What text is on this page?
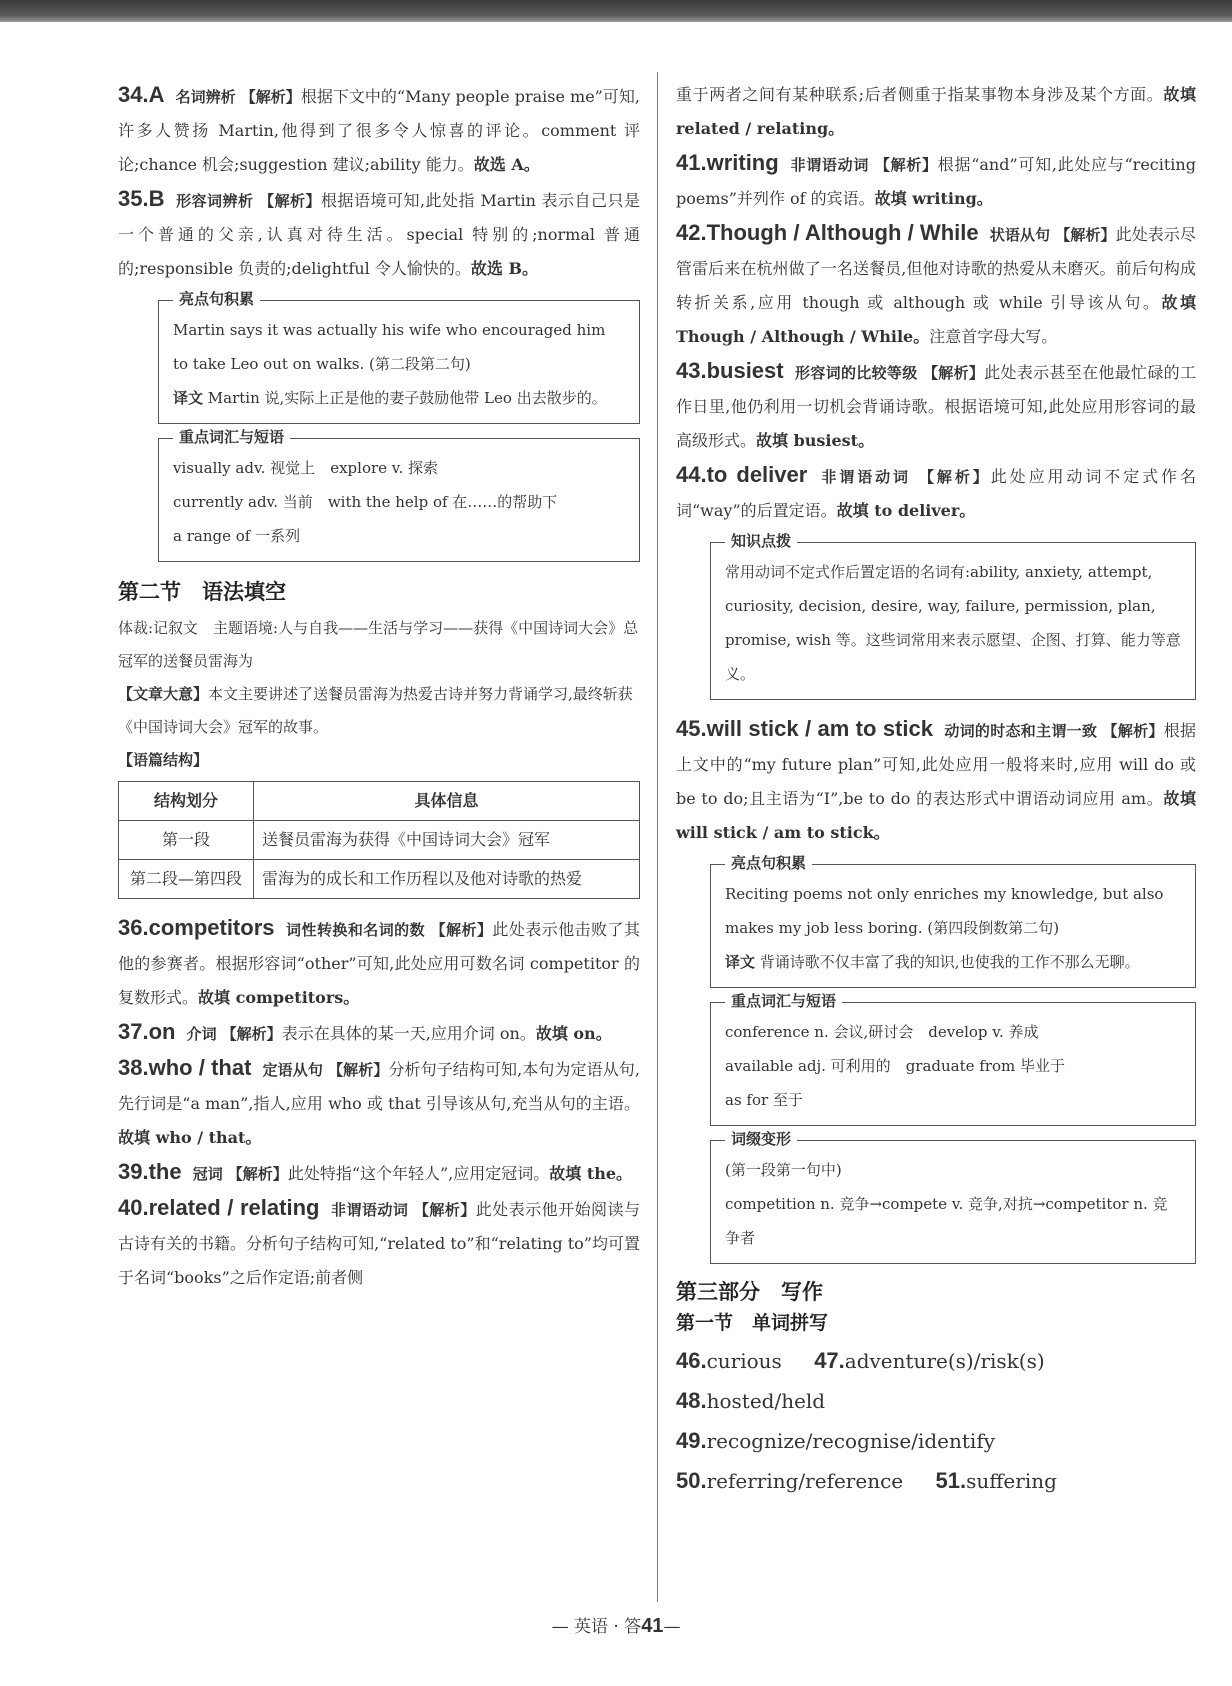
34.A 名词辨析 【解析】根据下文中的“Many people praise me”可知,许多人赞扬 Martin,他得到了很多令人惊喜的评论。comment 评论;chance 机会;suggestion 建议;ability 能力。故选 A。

35.B 形容词辨析 【解析】根据语境可知,此处指 Martin 表示自己只是一个普通的父亲,认真对待生活。special 特别的;normal 普通的;responsible 负责的;delightful 令人愉快的。故选 B。

亮点句积累

Martin says it was actually his wife who encouraged him to take Leo out on walks. (第二段第二句)

译文 Martin 说,实际上正是他的妻子鼓励他带 Leo 出去散步的。

重点词汇与短语

visually adv. 视觉上　 explore v. 探索

currently adv. 当前　 with the help of 在……的帮助下

a range of 一系列

第二节　语法填空

体裁:记叙文　主题语境:人与自我——生活与学习——获得《中国诗词大会》总冠军的送餐员雷海为

【文章大意】本文主要讲述了送餐员雷海为热爱古诗并努力背诵学习,最终斩获《中国诗词大会》冠军的故事。

【语篇结构】

结构划分	具体信息
第一段	送餐员雷海为获得《中国诗词大会》冠军
第二段—第四段	雷海为的成长和工作历程以及他对诗歌的热爱

36.competitors 词性转换和名词的数 【解析】此处表示他击败了其他的参赛者。根据形容词“other”可知,此处应用可数名词 competitor 的复数形式。故填 competitors。

37.on 介词 【解析】表示在具体的某一天,应用介词 on。故填 on。

38.who / that 定语从句 【解析】分析句子结构可知,本句为定语从句,先行词是“a man”,指人,应用 who 或 that 引导该从句,充当从句的主语。故填 who / that。

39.the 冠词 【解析】此处特指“这个年轻人”,应用定冠词。故填 the。

40.related / relating 非谓语动词 【解析】此处表示他开始阅读与古诗有关的书籍。分析句子结构可知,“related to”和“relating to”均可置于名词“books”之后作定语;前者侧

重于两者之间有某种联系;后者侧重于指某事物本身涉及某个方面。故填 related / relating。

41.writing 非谓语动词 【解析】根据“and”可知,此处应与“reciting poems”并列作 of 的宾语。故填 writing。

42.Though / Although / While 状语从句 【解析】此处表示尽管雷后来在杭州做了一名送餐员,但他对诗歌的热爱从未磨灭。前后句构成转折关系,应用 though 或 although 或 while 引导该从句。故填 Though / Although / While。注意首字母大写。

43.busiest 形容词的比较等级 【解析】此处表示甚至在他最忙碌的工作日里,他仍利用一切机会背诵诗歌。根据语境可知,此处应用形容词的最高级形式。故填 busiest。

44.to deliver 非谓语动词 【解析】此处应用动词不定式作名词“way”的后置定语。故填 to deliver。

知识点拨

常用动词不定式作后置定语的名词有:ability, anxiety, attempt, curiosity, decision, desire, way, failure, permission, plan, promise, wish 等。这些词常用来表示愿望、企图、打算、能力等意义。

45.will stick / am to stick 动词的时态和主谓一致 【解析】根据上文中的“my future plan”可知,此处应用一般将来时,应用 will do 或 be to do;且主语为“I”,be to do 的表达形式中谓语动词应用 am。故填 will stick / am to stick。

亮点句积累

Reciting poems not only enriches my knowledge, but also makes my job less boring. (第四段倒数第二句)

译文 背诵诗歌不仅丰富了我的知识,也使我的工作不那么无聊。

重点词汇与短语

conference n. 会议,研讨会　 develop v. 养成

available adj. 可利用的　 graduate from 毕业于

as for 至于

词缀变形

(第一段第一句中)

competition n. 竞争→compete v. 竞争,对抗→competitor n. 竞争者

第三部分　写作
第一节　单词拼写
46.curious 47.adventure(s)/risk(s)
48.hosted/held 49.recognize/recognise/identify
50.referring/reference 51.suffering
— 英语 · 答41—
